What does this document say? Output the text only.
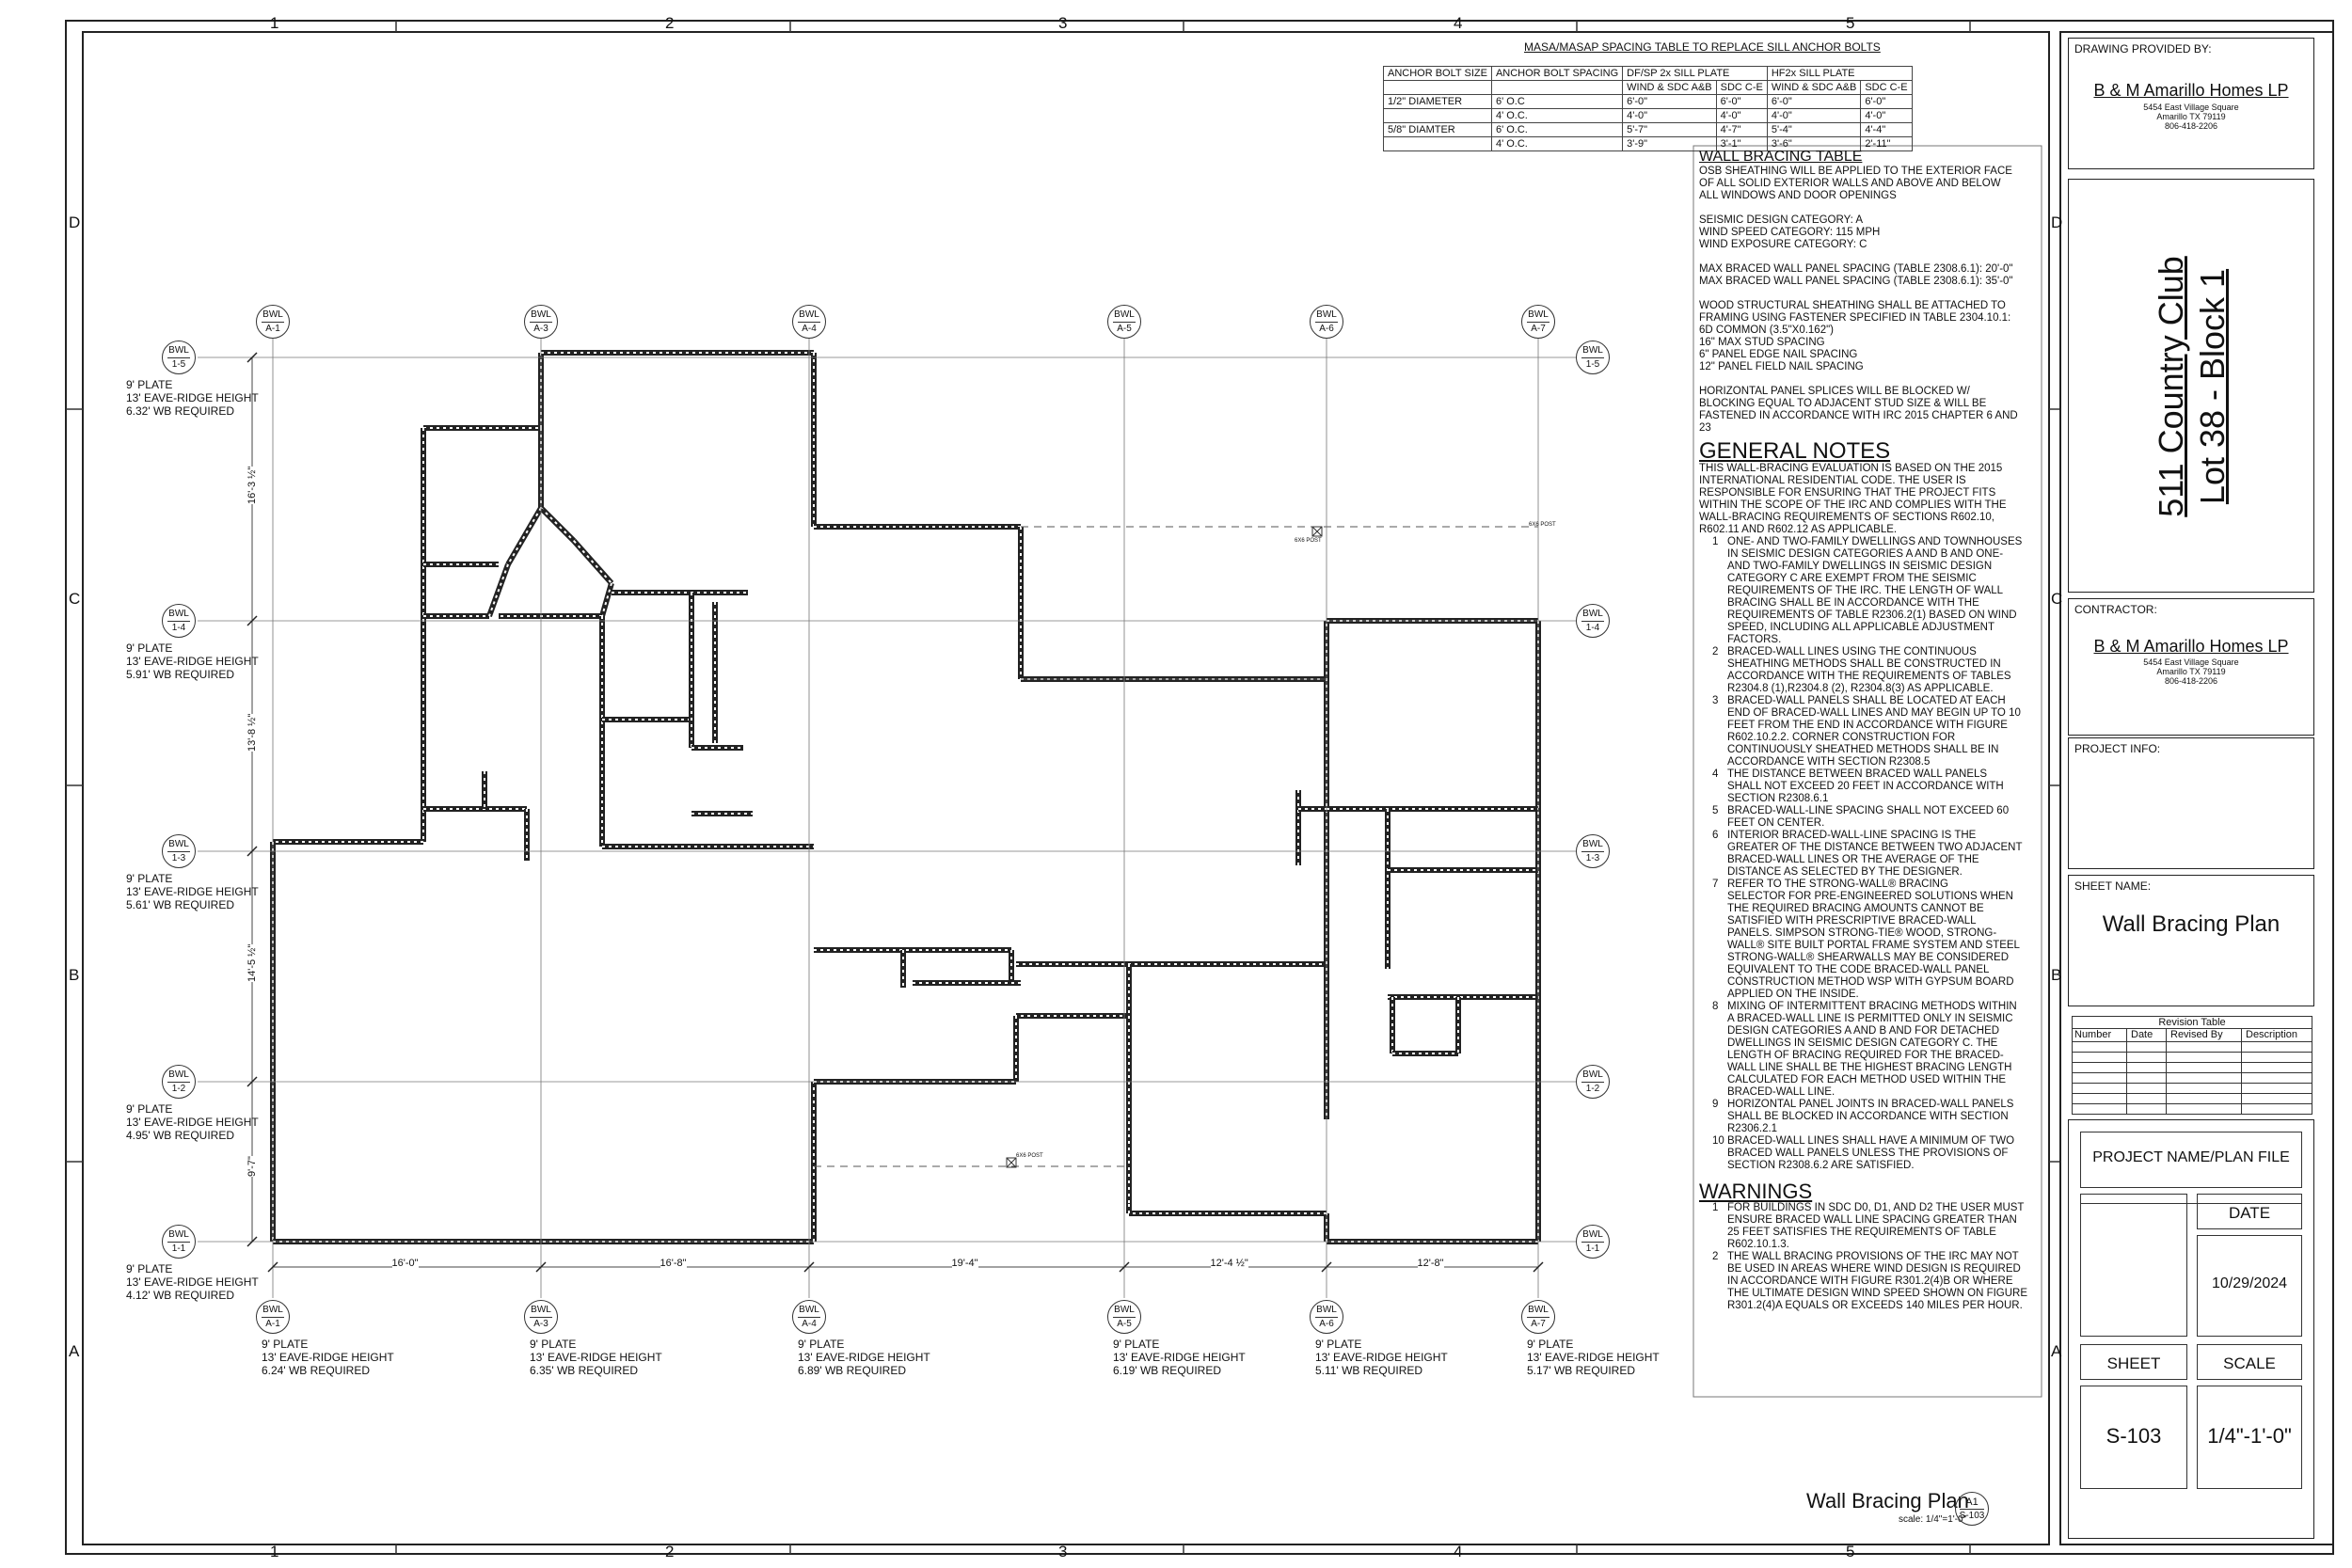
1	2	3	4	5
1	2	3	4	5
D
C
B
A
D
C
B
A
MASA/MASAP SPACING TABLE TO REPLACE SILL ANCHOR BOLTS
ANCHOR BOLT SIZE	ANCHOR BOLT SPACING	DF/SP 2x SILL PLATE		HF2x SILL PLATE	
		WIND & SDC A&B	SDC C-E	WIND & SDC A&B	SDC C-E
1/2" DIAMETER	6' O.C	6'-0"	6'-0"	6'-0"	6'-0"
	4' O.C.	4'-0"	4'-0"	4'-0"	4'-0"
5/8" DIAMTER	6' O.C.	5'-7"	4'-7"	5'-4"	4'-4"
	4' O.C.	3'-9"	3'-1"	3'-6"	2'-11"
WALL BRACING TABLE
OSB SHEATHING WILL BE APPLIED TO THE EXTERIOR FACE
OF ALL SOLID EXTERIOR WALLS AND ABOVE AND BELOW
ALL WINDOWS AND DOOR OPENINGS
SEISMIC DESIGN CATEGORY: A
WIND SPEED CATEGORY: 115 MPH
WIND EXPOSURE CATEGORY: C
MAX BRACED WALL PANEL SPACING (TABLE 2308.6.1): 20'-0"
MAX BRACED WALL PANEL SPACING (TABLE 2308.6.1): 35'-0"
WOOD STRUCTURAL SHEATHING SHALL BE ATTACHED TO
FRAMING USING FASTENER SPECIFIED IN TABLE 2304.10.1:
6D COMMON (3.5"X0.162")
16" MAX STUD SPACING
6" PANEL EDGE NAIL SPACING
12" PANEL FIELD NAIL SPACING
HORIZONTAL PANEL SPLICES WILL BE BLOCKED W/
BLOCKING EQUAL TO ADJACENT STUD SIZE & WILL BE
FASTENED IN ACCORDANCE WITH IRC 2015 CHAPTER 6 AND
23
GENERAL NOTES
THIS WALL-BRACING EVALUATION IS BASED ON THE 2015
INTERNATIONAL RESIDENTIAL CODE. THE USER IS
RESPONSIBLE FOR ENSURING THAT THE PROJECT FITS
WITHIN THE SCOPE OF THE IRC AND COMPLIES WITH THE
WALL-BRACING REQUIREMENTS OF SECTIONS R602.10,
R602.11 AND R602.12 AS APPLICABLE.
1 ONE- AND TWO-FAMILY DWELLINGS AND TOWNHOUSES
IN SEISMIC DESIGN CATEGORIES A AND B AND ONE-
AND TWO-FAMILY DWELLINGS IN SEISMIC DESIGN
CATEGORY C ARE EXEMPT FROM THE SEISMIC
REQUIREMENTS OF THE IRC. THE LENGTH OF WALL
BRACING SHALL BE IN ACCORDANCE WITH THE
REQUIREMENTS OF TABLE R2306.2(1) BASED ON WIND
SPEED, INCLUDING ALL APPLICABLE ADJUSTMENT
FACTORS.
2 BRACED-WALL LINES USING THE CONTINUOUS
SHEATHING METHODS SHALL BE CONSTRUCTED IN
ACCORDANCE WITH THE REQUIREMENTS OF TABLES
R2304.8 (1),R2304.8 (2), R2304.8(3) AS APPLICABLE.
3 BRACED-WALL PANELS SHALL BE LOCATED AT EACH
END OF BRACED-WALL LINES AND MAY BEGIN UP TO 10
FEET FROM THE END IN ACCORDANCE WITH FIGURE
R602.10.2.2. CORNER CONSTRUCTION FOR
CONTINUOUSLY SHEATHED METHODS SHALL BE IN
ACCORDANCE WITH SECTION R2308.5
4 THE DISTANCE BETWEEN BRACED WALL PANELS
SHALL NOT EXCEED 20 FEET IN ACCORDANCE WITH
SECTION R2308.6.1
5 BRACED-WALL-LINE SPACING SHALL NOT EXCEED 60
FEET ON CENTER.
6 INTERIOR BRACED-WALL-LINE SPACING IS THE
GREATER OF THE DISTANCE BETWEEN TWO ADJACENT
BRACED-WALL LINES OR THE AVERAGE OF THE
DISTANCE AS SELECTED BY THE DESIGNER.
7 REFER TO THE STRONG-WALL® BRACING
SELECTOR FOR PRE-ENGINEERED SOLUTIONS WHEN
THE REQUIRED BRACING AMOUNTS CANNOT BE
SATISFIED WITH PRESCRIPTIVE BRACED-WALL
PANELS. SIMPSON STRONG-TIE® WOOD, STRONG-
WALL® SITE BUILT PORTAL FRAME SYSTEM AND STEEL
STRONG-WALL® SHEARWALLS MAY BE CONSIDERED
EQUIVALENT TO THE CODE BRACED-WALL PANEL
CONSTRUCTION METHOD WSP WITH GYPSUM BOARD
APPLIED ON THE INSIDE.
8 MIXING OF INTERMITTENT BRACING METHODS WITHIN
A BRACED-WALL LINE IS PERMITTED ONLY IN SEISMIC
DESIGN CATEGORIES A AND B AND FOR DETACHED
DWELLINGS IN SEISMIC DESIGN CATEGORY C. THE
LENGTH OF BRACING REQUIRED FOR THE BRACED-
WALL LINE SHALL BE THE HIGHEST BRACING LENGTH
CALCULATED FOR EACH METHOD USED WITHIN THE
BRACED-WALL LINE.
9 HORIZONTAL PANEL JOINTS IN BRACED-WALL PANELS
SHALL BE BLOCKED IN ACCORDANCE WITH SECTION
R2306.2.1
10 BRACED-WALL LINES SHALL HAVE A MINIMUM OF TWO
BRACED WALL PANELS UNLESS THE PROVISIONS OF
SECTION R2308.6.2 ARE SATISFIED.
WARNINGS
1 FOR BUILDINGS IN SDC D0, D1, AND D2 THE USER MUST
ENSURE BRACED WALL LINE SPACING GREATER THAN
25 FEET SATISFIES THE REQUIREMENTS OF TABLE
R602.10.1.3.
2 THE WALL BRACING PROVISIONS OF THE IRC MAY NOT
BE USED IN AREAS WHERE WIND DESIGN IS REQUIRED
IN ACCORDANCE WITH FIGURE R301.2(4)B OR WHERE
THE ULTIMATE DESIGN WIND SPEED SHOWN ON FIGURE
R301.2(4)A EQUALS OR EXCEEDS 140 MILES PER HOUR.
6X6 POST
6X6 POST
6X6 POST
BWL
A-1
BWL
A-1
9' PLATE
13' EAVE-RIDGE HEIGHT
6.24' WB REQUIRED
BWL
A-3
BWL
A-3
9' PLATE
13' EAVE-RIDGE HEIGHT
6.35' WB REQUIRED
BWL
A-4
BWL
A-4
9' PLATE
13' EAVE-RIDGE HEIGHT
6.89' WB REQUIRED
BWL
A-5
BWL
A-5
9' PLATE
13' EAVE-RIDGE HEIGHT
6.19' WB REQUIRED
BWL
A-6
BWL
A-6
9' PLATE
13' EAVE-RIDGE HEIGHT
5.11' WB REQUIRED
BWL
A-7
BWL
A-7
9' PLATE
13' EAVE-RIDGE HEIGHT
5.17' WB REQUIRED
BWL
1-5
BWL
1-5
9' PLATE
13' EAVE-RIDGE HEIGHT
6.32' WB REQUIRED
BWL
1-4
BWL
1-4
9' PLATE
13' EAVE-RIDGE HEIGHT
5.91' WB REQUIRED
BWL
1-3
BWL
1-3
9' PLATE
13' EAVE-RIDGE HEIGHT
5.61' WB REQUIRED
BWL
1-2
BWL
1-2
9' PLATE
13' EAVE-RIDGE HEIGHT
4.95' WB REQUIRED
BWL
1-1
BWL
1-1
9' PLATE
13' EAVE-RIDGE HEIGHT
4.12' WB REQUIRED
16'-0"	16'-8"	19'-4"	12'-4 ½"	12'-8"
16'-3 ½"
13'-8 ½"
14'-5 ½"
9'-7"
Wall Bracing Plan
scale: 1/4"=1'-0"
A1
S-103
DRAWING PROVIDED BY:
B & M Amarillo Homes LP
5454 East Village Square
Amarillo TX 79119
806-418-2206
511 Country Club Lot 38 - Block 1
CONTRACTOR:
B & M Amarillo Homes LP
5454 East Village Square
Amarillo TX 79119
806-418-2206
PROJECT INFO:
SHEET NAME:
Wall Bracing Plan
Revision Table
Number	Date	Revised By	Description
PROJECT NAME/PLAN FILE
DATE
10/29/2024
SHEET	SCALE
S-103	1/4"-1'-0"
